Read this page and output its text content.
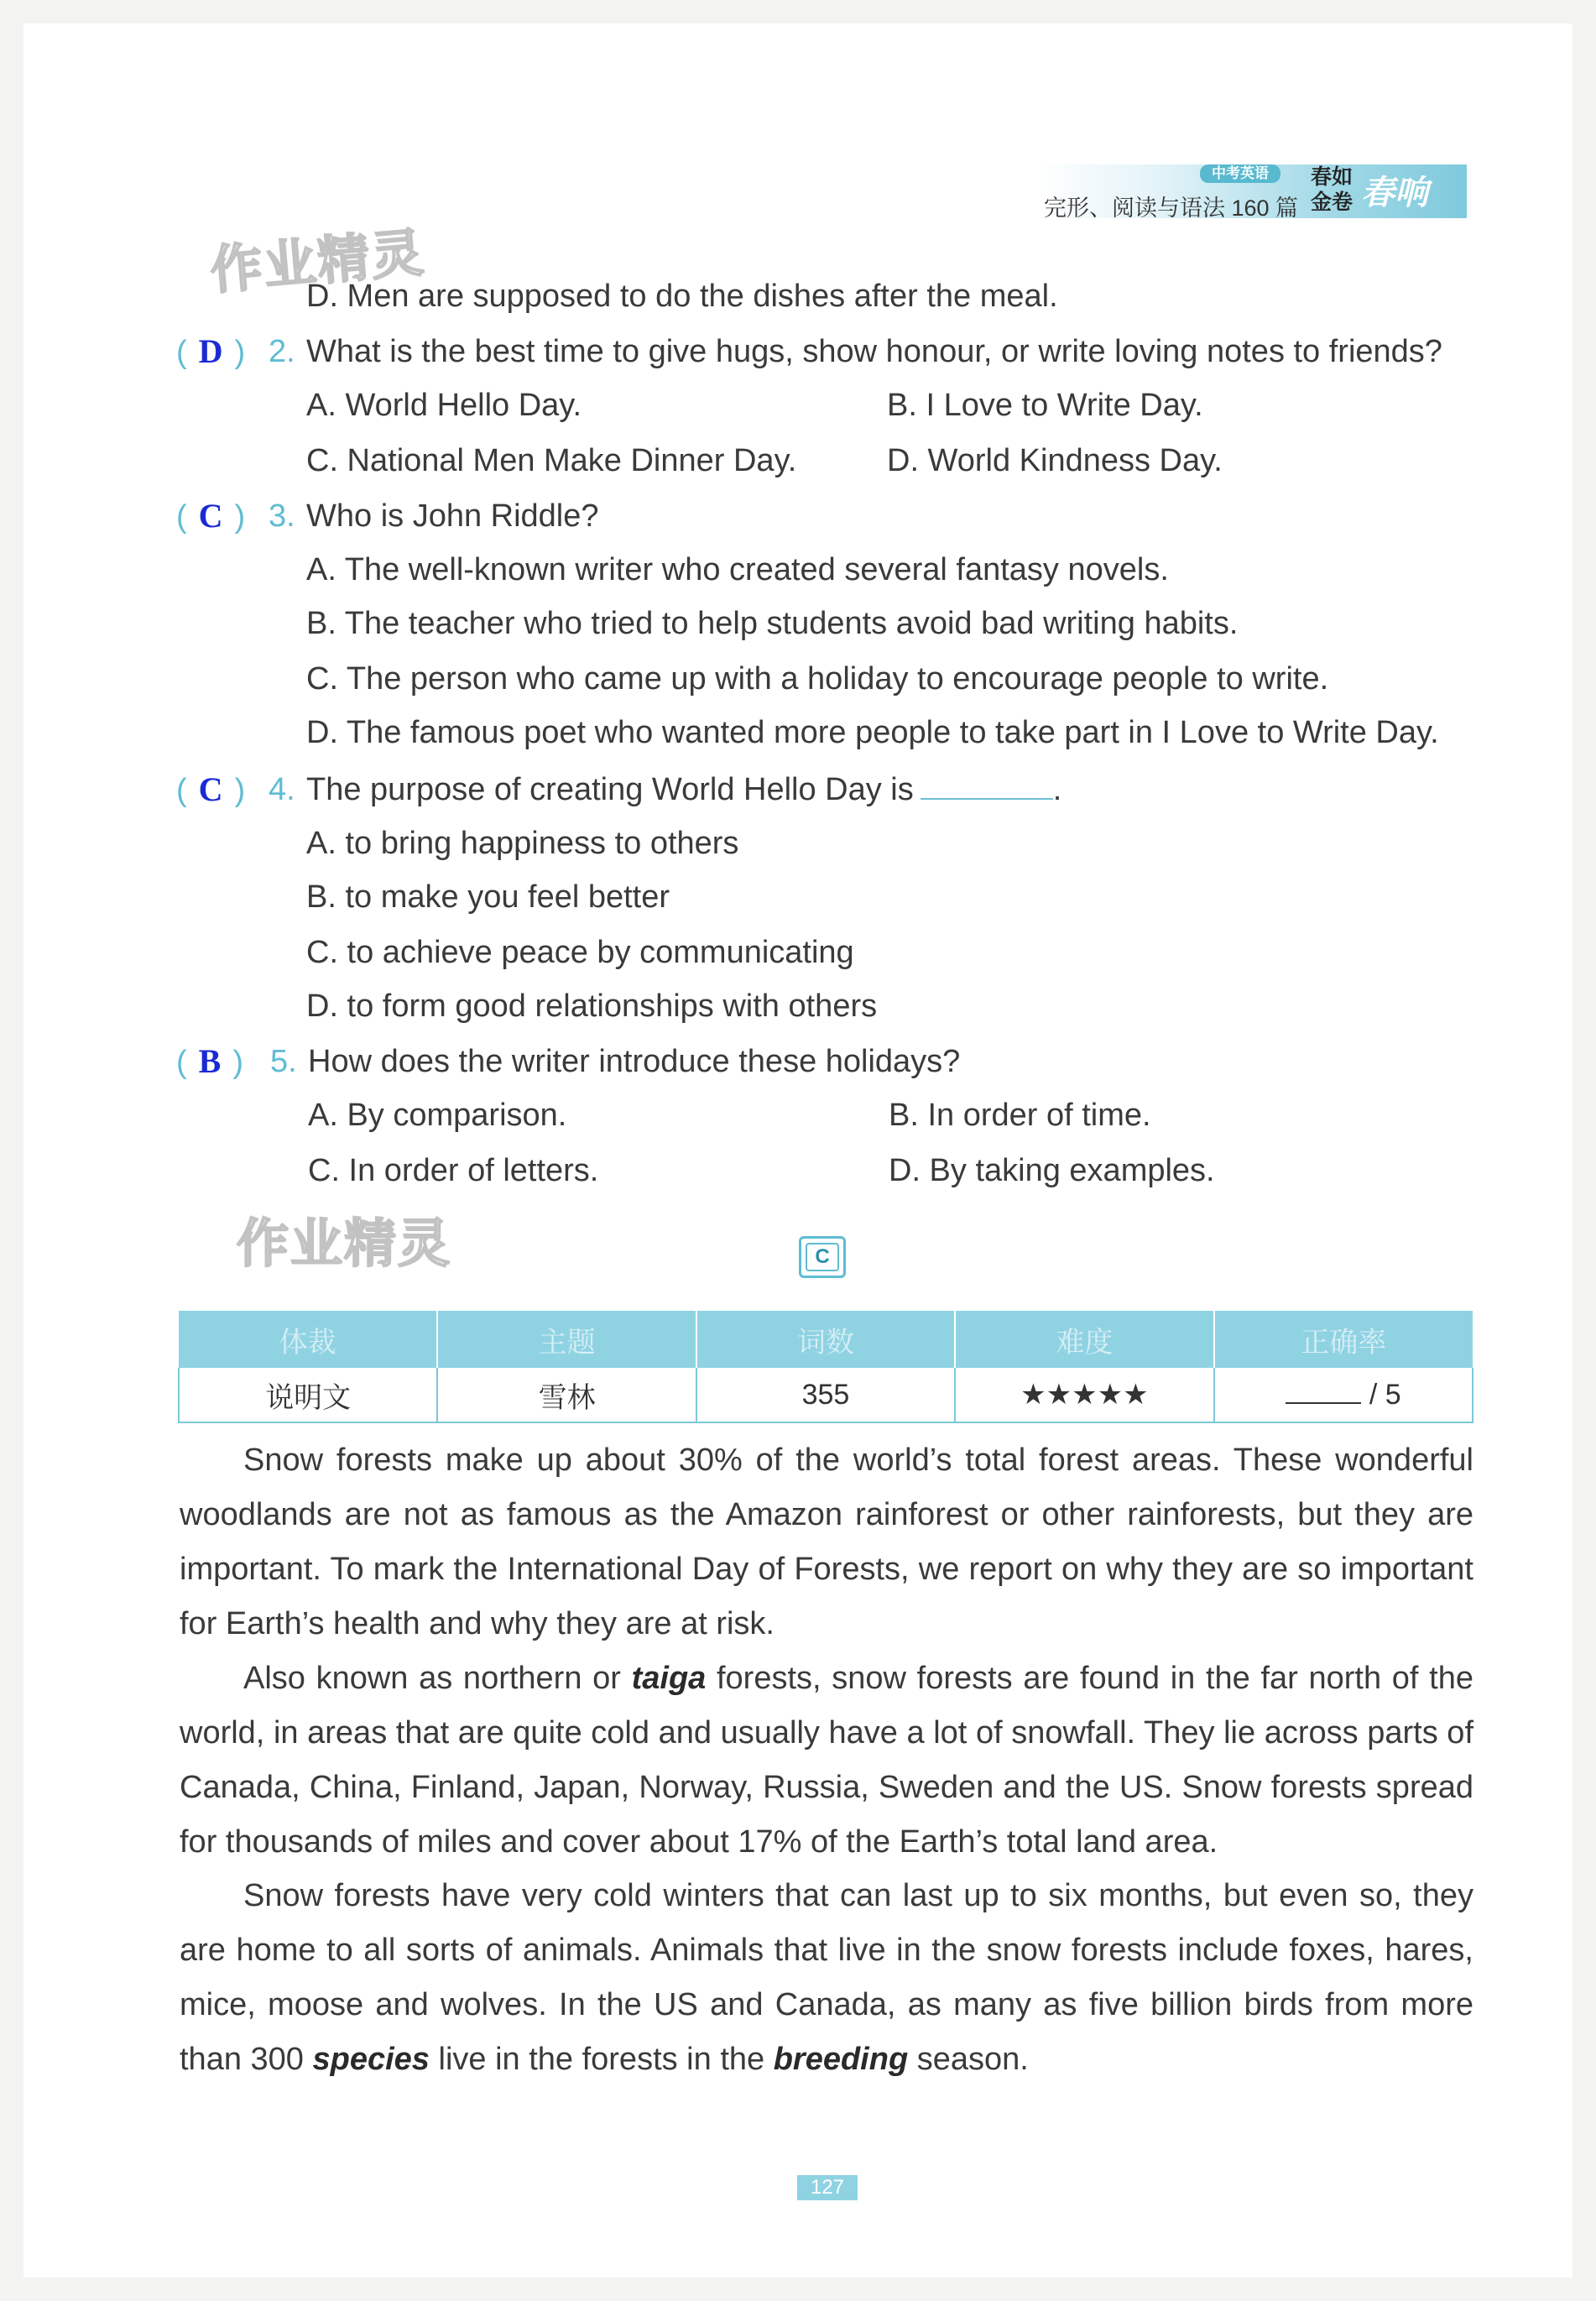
中考英语
完形、阅读与语法 160 篇
春如金卷 春响
作业精灵
D. Men are supposed to do the dishes after the meal.
( D ) 2. What is the best time to give hugs, show honour, or write loving notes to friends?
A. World Hello Day.	B. I Love to Write Day.
C. National Men Make Dinner Day.	D. World Kindness Day.
( C ) 3. Who is John Riddle?
A. The well-known writer who created several fantasy novels.
B. The teacher who tried to help students avoid bad writing habits.
C. The person who came up with a holiday to encourage people to write.
D. The famous poet who wanted more people to take part in I Love to Write Day.
( C ) 4. The purpose of creating World Hello Day is	.
A. to bring happiness to others
B. to make you feel better
C. to achieve peace by communicating
D. to form good relationships with others
( B ) 5. How does the writer introduce these holidays?
A. By comparison.	B. In order of time.
C. In order of letters.	D. By taking examples.
作业精灵	C
体裁	主题	词数	难度	正确率
说明文	雪林	355	★★★★★	/ 5

Snow forests make up about 30% of the world’s total forest areas. These wonderful woodlands are not as famous as the Amazon rainforest or other rainforests, but they are important. To mark the International Day of Forests, we report on why they are so important for Earth’s health and why they are at risk.

Also known as northern or taiga forests, snow forests are found in the far north of the world, in areas that are quite cold and usually have a lot of snowfall. They lie across parts of Canada, China, Finland, Japan, Norway, Russia, Sweden and the US. Snow forests spread for thousands of miles and cover about 17% of the Earth’s total land area.

Snow forests have very cold winters that can last up to six months, but even so, they are home to all sorts of animals. Animals that live in the snow forests include foxes, hares, mice, moose and wolves. In the US and Canada, as many as five billion birds from more than 300 species live in the forests in the breeding season.

127
